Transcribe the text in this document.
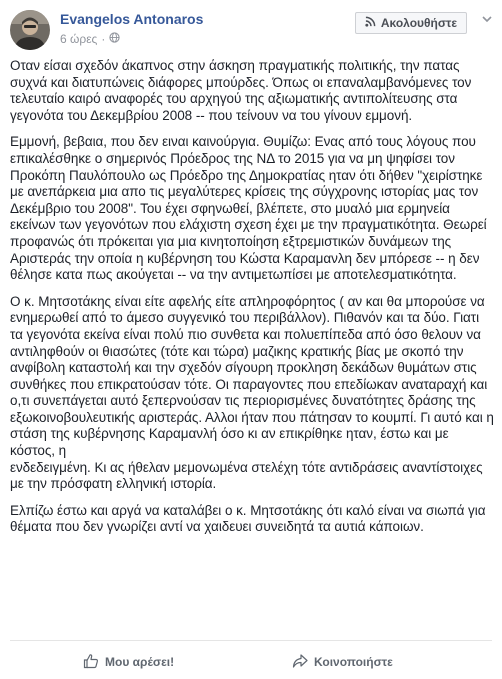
Evangelos Antonaros
6 ώρες ·
Ακολουθήστε

Οταν είσαι σχεδόν άκαπνος στην άσκηση πραγματικής πολιτικής, την πατας συχνά και διατυπώνεις διάφορες μπούρδες. Όπως οι επαναλαμβανόμενες τον τελευταίο καιρό αναφορές του αρχηγού της αξιωματικής αντιπολίτευσης στα γεγονότα του Δεκεμβρίου 2008 -- που τείνουν να του γίνουν εμμονή.

Εμμονή, βεβαια, που δεν ειναι καινούργια. Θυμίζω: Ενας από τους λόγους που επικαλέσθηκε ο σημερινός Πρόεδρος της ΝΔ το 2015 για να μη ψηφίσει τον Προκόπη Παυλόπουλο ως Πρόεδρο της Δημοκρατίας ηταν ότι δήθεν "χειρίστηκε με ανεπάρκεια μια απο τις μεγαλύτερες κρίσεις της σύγχρονης ιστορίας μας τον Δεκέμβριο του 2008". Του έχει σφηνωθεί, βλέπετε, στο μυαλό μια ερμηνεία εκείνων των γεγονότων που ελάχιστη σχεση έχει με την πραγματικότητα. Θεωρεί προφανώς ότι πρόκειται για μια κινητοποίηση εξτρεμιστικών δυνάμεων της Αριστεράς την οποία η κυβέρνηση του Κώστα Καραμανλη δεν μπόρεσε -- η δεν θέλησε κατα πως ακούγεται -- να την αντιμετωπίσει με αποτελεσματικότητα.

Ο κ. Μητσοτάκης είναι είτε αφελής είτε απληροφόρητος ( αν και θα μπορούσε να ενημερωθεί από το άμεσο συγγενικό του περιβάλλον). Πιθανόν και τα δύο. Γιατι τα γεγονότα εκείνα είναι πολύ πιο συνθετα και πολυεπίπεδα από όσο θελουν να αντιληφθούν οι θιασώτες (τότε και τώρα) μαζικης κρατικής βίας με σκοπό την ανφίβολη καταστολή και την σχεδόν σίγουρη προκληση δεκάδων θυμάτων στις συνθήκες που επικρατούσαν τότε. Οι παραγοντες που επεδίωκαν αναταραχή και ο,τι συνεπάγεται αυτό ξεπερνούσαν τις περιορισμένες δυνατότητες δράσης της εξωκοινοβουλευτικής αριστεράς. Αλλοι ήταν που πάτησαν το κουμπί. Γι αυτό και η στάση της κυβέρνησης Καραμανλή όσο κι αν επικρίθηκε ηταν, έστω και με κόστος, η

ενδεδειγμένη. Κι ας ήθελαν μεμονωμένα στελέχη τότε αντιδράσεις αναντίστοιχες με την πρόσφατη ελληνική ιστορία.

Ελπίζω έστω και αργά να καταλάβει ο κ. Μητσοτάκης ότι καλό είναι να σιωπά για θέματα που δεν γνωρίζει αντί να χαιδευει συνειδητά τα αυτιά κάποιων.

Μου αρέσει!	Κοινοποιήστε
